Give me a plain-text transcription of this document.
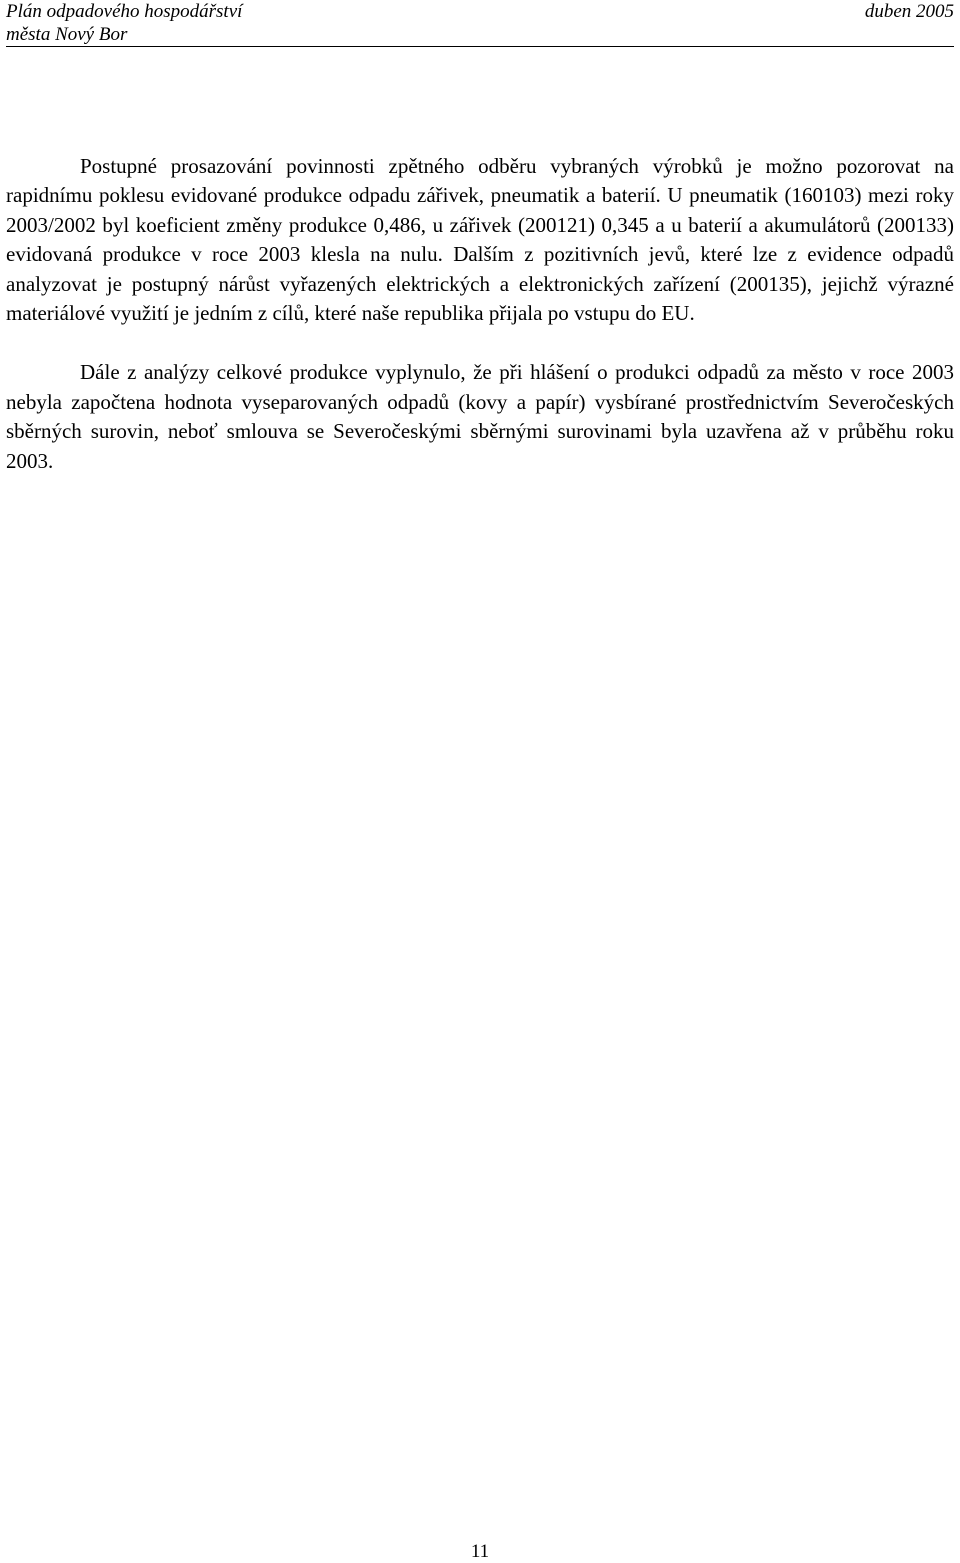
Plán odpadového hospodářství
města Nový Bor
duben 2005

Postupné prosazování povinnosti zpětného odběru vybraných výrobků je možno pozorovat na rapidnímu poklesu evidované produkce odpadu zářivek, pneumatik a baterií. U pneumatik (160103) mezi roky 2003/2002 byl koeficient změny produkce 0,486, u zářivek (200121) 0,345 a u baterií a akumulátorů (200133) evidovaná produkce v roce 2003 klesla na nulu. Dalším z pozitivních jevů, které lze z evidence odpadů analyzovat je postupný nárůst vyřazených elektrických a elektronických zařízení (200135), jejichž výrazné materiálové využití je jedním z cílů, které naše republika přijala po vstupu do EU.

Dále z analýzy celkové produkce vyplynulo, že při hlášení o produkci odpadů za město v roce 2003 nebyla započtena hodnota vyseparovaných odpadů (kovy a papír) vysbírané prostřednictvím Severočeských sběrných surovin, neboť smlouva se Severočeskými sběrnými surovinami byla uzavřena až v průběhu roku 2003.

11
